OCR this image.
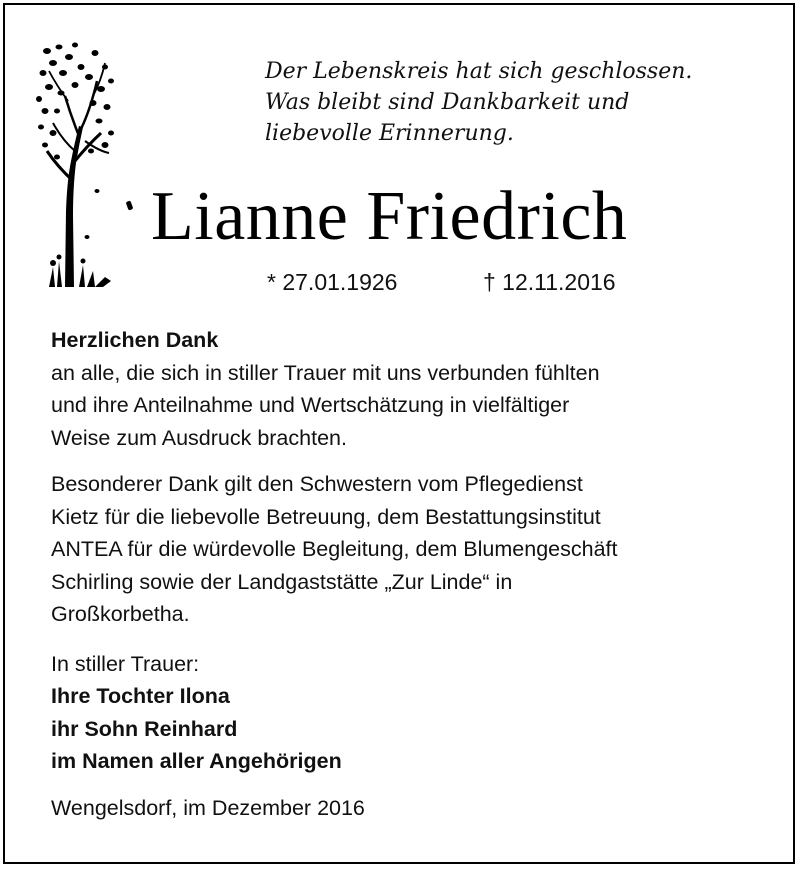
Der Lebenskreis hat sich geschlossen.
Was bleibt sind Dankbarkeit und
liebevolle Erinnerung.
Lianne Friedrich
* 27.01.1926	† 12.11.2016
Herzlichen Dank
an alle, die sich in stiller Trauer mit uns verbunden fühlten
und ihre Anteilnahme und Wertschätzung in vielfältiger
Weise zum Ausdruck brachten.
Besonderer Dank gilt den Schwestern vom Pflegedienst
Kietz für die liebevolle Betreuung, dem Bestattungsinstitut
ANTEA für die würdevolle Begleitung, dem Blumengeschäft
Schirling sowie der Landgaststätte „Zur Linde“ in
Großkorbetha.
In stiller Trauer:
Ihre Tochter Ilona
ihr Sohn Reinhard
im Namen aller Angehörigen
Wengelsdorf, im Dezember 2016
